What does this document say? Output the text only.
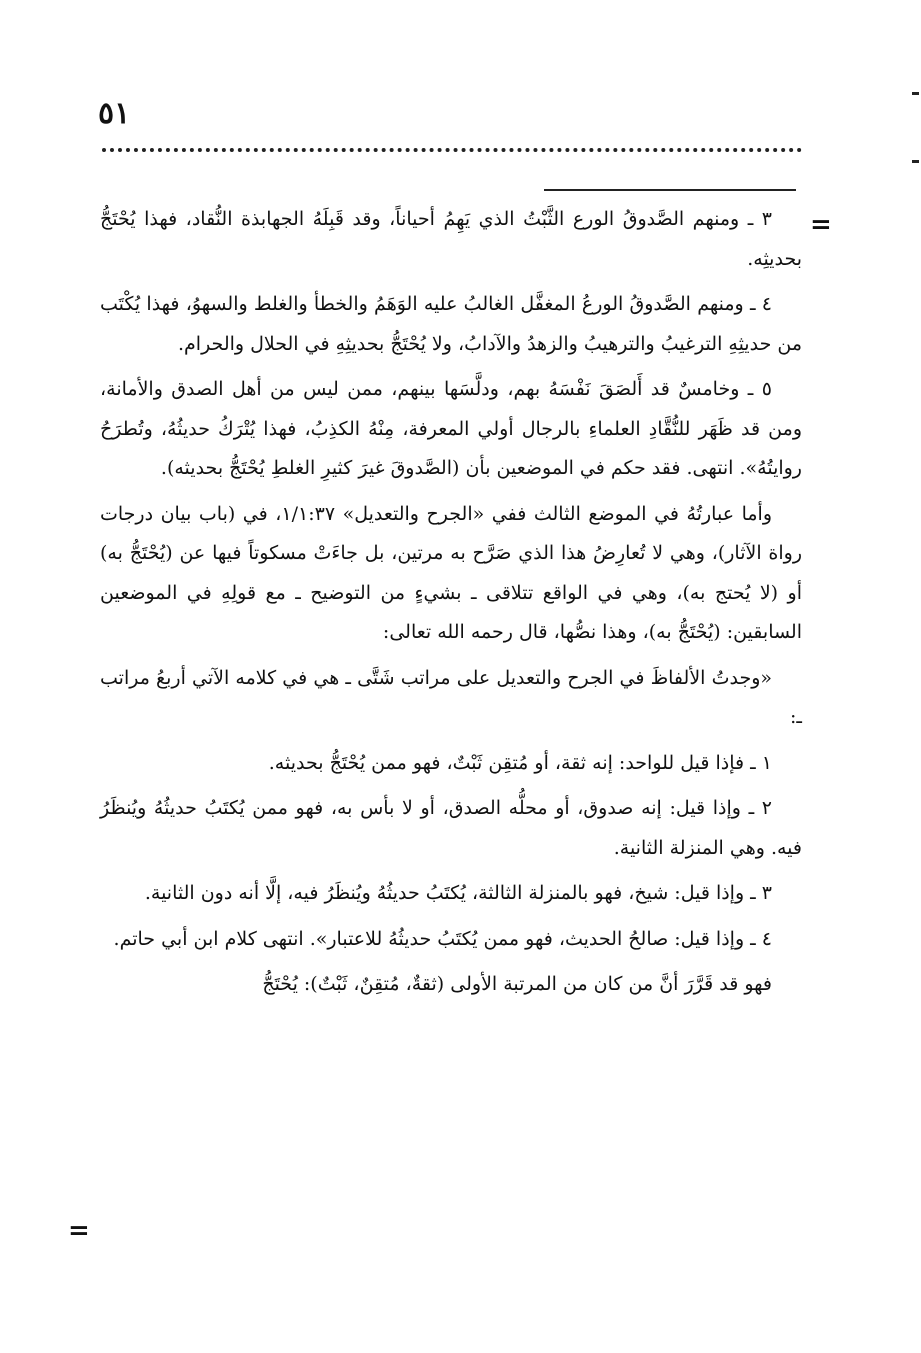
٥١
=
=

٣ ـ ومنهم الصَّدوقُ الورع الثَّبْتُ الذي يَهِمُ أحياناً، وقد قَبِلَهُ الجهابذة النُّقاد، فهذا يُحْتَجُّ بحديثِه.

٤ ـ ومنهم الصَّدوقُ الورعُ المغفَّل الغالبُ عليه الوَهَمُ والخطأ والغلط والسهوُ، فهذا يُكْتَب من حديثِهِ الترغيبُ والترهيبُ والزهدُ والآدابُ، ولا يُحْتَجُّ بحديثِهِ في الحلال والحرام.

٥ ـ وخامسٌ قد أَلصَقَ نَفْسَهُ بهم، ودلَّسَها بينهم، ممن ليس من أهل الصدق والأمانة، ومن قد ظَهَر للنُّقَّادِ العلماءِ بالرجال أولي المعرفة، مِنْهُ الكذِبُ، فهذا يُتْرَكُ حديثُهُ، وتُطرَحُ روايتُهُ». انتهى. فقد حكم في الموضعين بأن (الصَّدوقَ غيرَ كثيرِ الغلطِ يُحْتَجُّ بحديثه).

وأما عبارتُهُ في الموضع الثالث ففي «الجرح والتعديل» ١/١:٣٧، في (باب بيان درجات رواة الآثار)، وهي لا تُعارِضُ هذا الذي صَرَّح به مرتين، بل جاءَتْ مسكوتاً فيها عن (يُحْتَجُّ به) أو (لا يُحتج به)، وهي في الواقع تتلاقى ـ بشيءٍ من التوضيح ـ مع قولِهِ في الموضعين السابقين: (يُحْتَجُّ به)، وهذا نصُّها، قال رحمه الله تعالى:

«وجدتُ الألفاظَ في الجرح والتعديل على مراتب شَتَّى ـ هي في كلامه الآتي أربعُ مراتب ـ:

١ ـ فإذا قيل للواحد: إنه ثقة، أو مُتقِن ثَبْتٌ، فهو ممن يُحْتَجُّ بحديثه.

٢ ـ وإذا قيل: إنه صدوق، أو محلُّه الصدق، أو لا بأس به، فهو ممن يُكتَبُ حديثُهُ ويُنظَرُ فيه. وهي المنزلة الثانية.

٣ ـ وإذا قيل: شيخ، فهو بالمنزلة الثالثة، يُكتَبُ حديثُهُ ويُنظَرُ فيه، إلَّا أنه دون الثانية.

٤ ـ وإذا قيل: صالحُ الحديث، فهو ممن يُكتَبُ حديثُهُ للاعتبار». انتهى كلام ابن أبي حاتم.

فهو قد قَرَّرَ أنَّ من كان من المرتبة الأولى (ثقةٌ، مُتقِنٌ، ثَبْتٌ): يُحْتَجُّ
